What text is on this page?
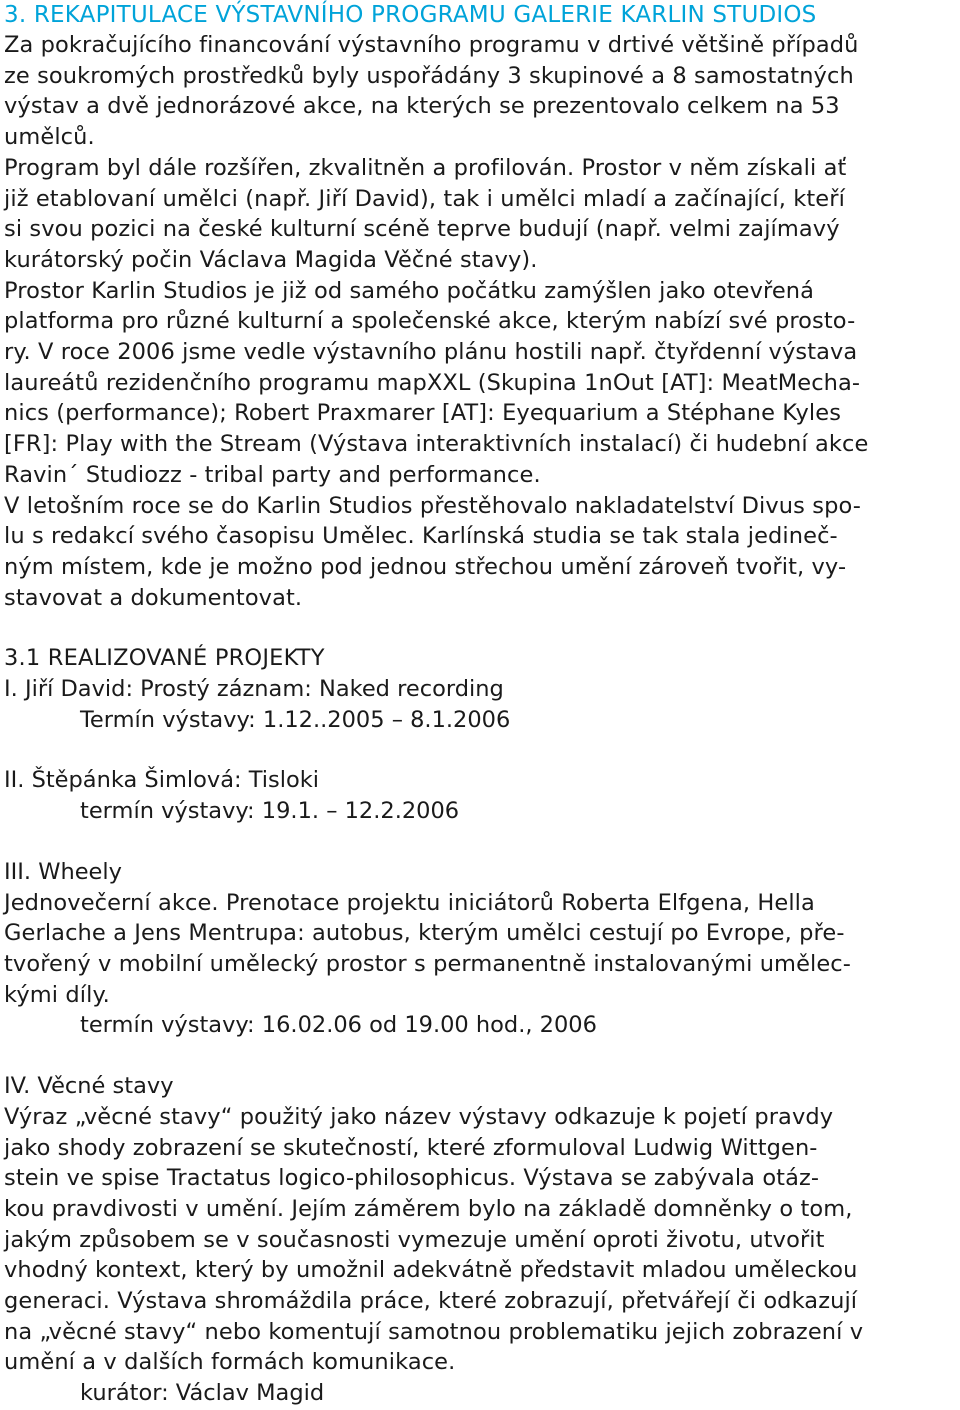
3. REKAPITULACE VÝSTAVNÍHO PROGRAMU GALERIE KARLIN STUDIOS
Za pokračujícího financování výstavního programu v drtivé většině případů
ze soukromých prostředků byly uspořádány 3 skupinové a 8 samostatných
výstav a dvě jednorázové akce, na kterých se prezentovalo celkem na 53
umělců.
Program byl dále rozšířen, zkvalitněn a profilován. Prostor v něm získali ať
již etablovaní umělci (např. Jiří David), tak i umělci mladí a začínající, kteří
si svou pozici na české kulturní scéně teprve budují (např. velmi zajímavý
kurátorský počin Václava Magida Věčné stavy).
Prostor Karlin Studios je již od samého počátku zamýšlen jako otevřená
platforma pro různé kulturní a společenské akce, kterým nabízí své prosto-
ry. V roce 2006 jsme vedle výstavního plánu hostili např. čtyřdenní výstava
laureátů rezidenčního programu mapXXL (Skupina 1nOut [AT]: MeatMecha-
nics (performance); Robert Praxmarer [AT]: Eyequarium a Stéphane Kyles
[FR]: Play with the Stream (Výstava interaktivních instalací) či hudební akce
Ravin´ Studiozz - tribal party and performance.
V letošním roce se do Karlin Studios přestěhovalo nakladatelství Divus spo-
lu s redakcí svého časopisu Umělec. Karlínská studia se tak stala jedineč-
ným místem, kde je možno pod jednou střechou umění zároveň tvořit, vy-
stavovat a dokumentovat.
3.1 REALIZOVANÉ PROJEKTY
I. Jiří David: Prostý záznam: Naked recording
Termín výstavy: 1.12..2005 – 8.1.2006
II. Štěpánka Šimlová: Tisloki
termín výstavy: 19.1. – 12.2.2006
III. Wheely
Jednovečerní akce. Prenotace projektu iniciátorů Roberta Elfgena, Hella
Gerlache a Jens Mentrupa: autobus, kterým umělci cestují po Evrope, pře-
tvořený v mobilní umělecký prostor s permanentně instalovanými umělec-
kými díly.
termín výstavy: 16.02.06 od 19.00 hod., 2006
IV. Věcné stavy
Výraz „věcné stavy“ použitý jako název výstavy odkazuje k pojetí pravdy
jako shody zobrazení se skutečností, které zformuloval Ludwig Wittgen-
stein ve spise Tractatus logico-philosophicus. Výstava se zabývala otáz-
kou pravdivosti v umění. Jejím záměrem bylo na základě domněnky o tom,
jakým způsobem se v současnosti vymezuje umění oproti životu, utvořit
vhodný kontext, který by umožnil adekvátně představit mladou uměleckou
generaci. Výstava shromáždila práce, které zobrazují, přetvářejí či odkazují
na „věcné stavy“ nebo komentují samotnou problematiku jejich zobrazení v
umění a v dalších formách komunikace.
kurátor: Václav Magid
